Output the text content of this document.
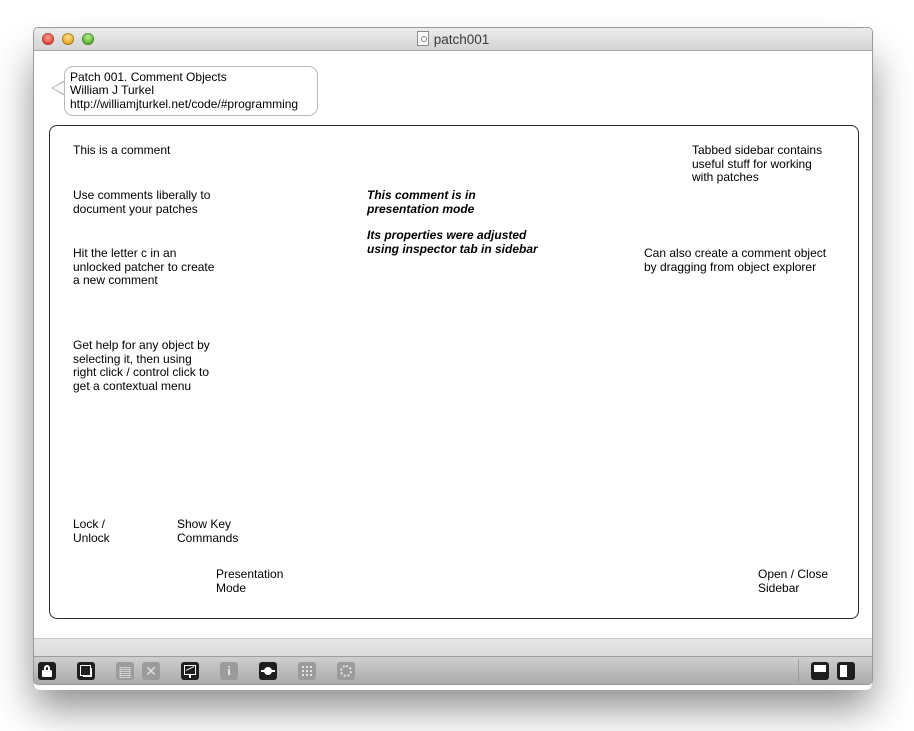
patch001
Patch 001. Comment Objects
William J Turkel
http://williamjturkel.net/code/#programming
This is a comment
Use comments liberally to
document your patches
Hit the letter c in an
unlocked patcher to create
a new comment
Get help for any object by
selecting it, then using
right click / control click to
get a contextual menu
This comment is in
presentation mode
Its properties were adjusted
using inspector tab in sidebar
Tabbed sidebar contains
useful stuff for working
with patches
Can also create a comment object
by dragging from object explorer
Lock /
Unlock
Show Key
Commands
Presentation
Mode
Open / Close
Sidebar
▤ ✕	i
